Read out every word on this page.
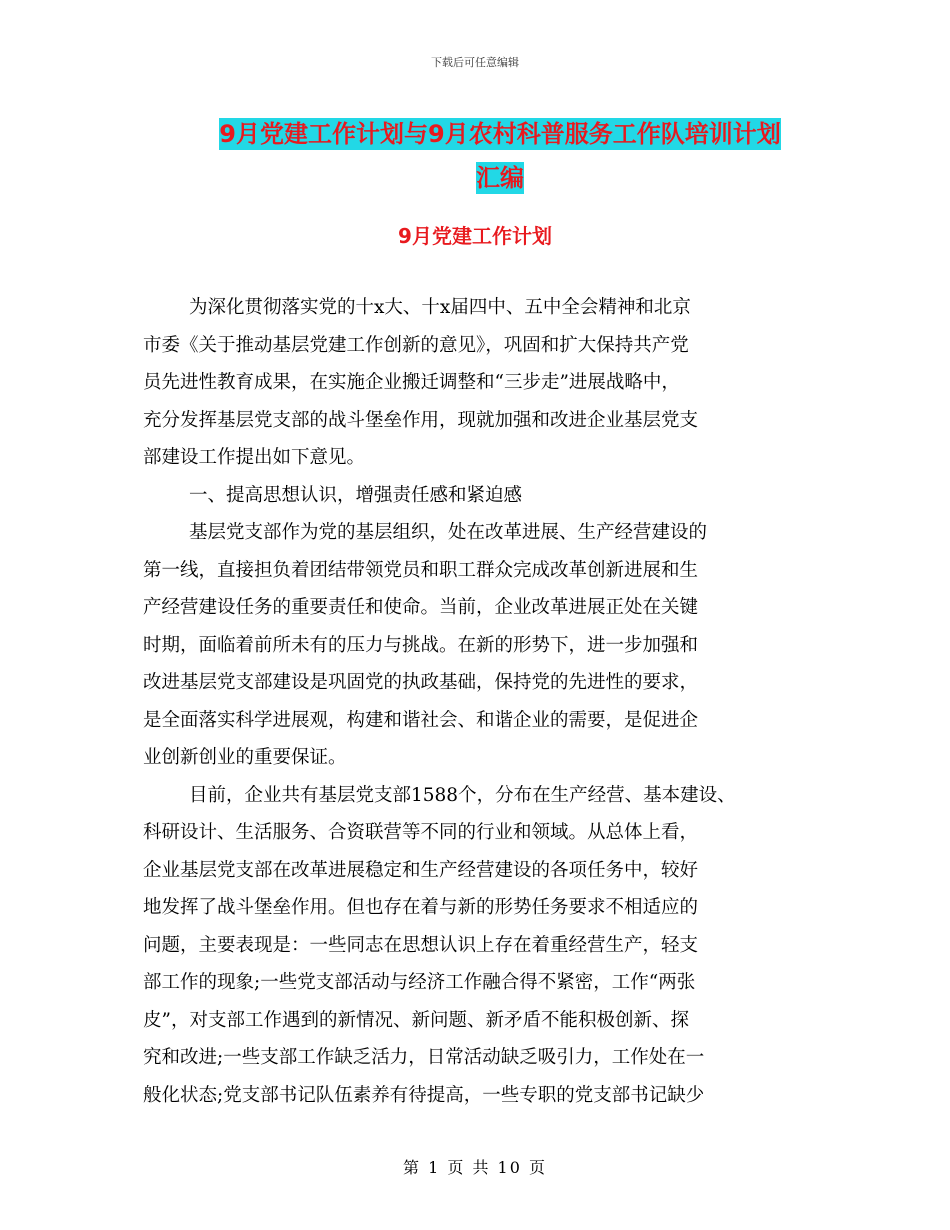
下载后可任意编辑
9月党建工作计划与9月农村科普服务工作队培训计划
汇编
9月党建工作计划
为深化贯彻落实党的十x大、十x届四中、五中全会精神和北京
市委《关于推动基层党建工作创新的意见》，巩固和扩大保持共产党
员先进性教育成果，在实施企业搬迁调整和“三步走”进展战略中，
充分发挥基层党支部的战斗堡垒作用，现就加强和改进企业基层党支
部建设工作提出如下意见。
一、提高思想认识，增强责任感和紧迫感
基层党支部作为党的基层组织，处在改革进展、生产经营建设的
第一线，直接担负着团结带领党员和职工群众完成改革创新进展和生
产经营建设任务的重要责任和使命。当前，企业改革进展正处在关键
时期，面临着前所未有的压力与挑战。在新的形势下，进一步加强和
改进基层党支部建设是巩固党的执政基础，保持党的先进性的要求，
是全面落实科学进展观，构建和谐社会、和谐企业的需要，是促进企
业创新创业的重要保证。
目前，企业共有基层党支部1588个，分布在生产经营、基本建设、
科研设计、生活服务、合资联营等不同的行业和领域。从总体上看，
企业基层党支部在改革进展稳定和生产经营建设的各项任务中，较好
地发挥了战斗堡垒作用。但也存在着与新的形势任务要求不相适应的
问题，主要表现是：一些同志在思想认识上存在着重经营生产，轻支
部工作的现象;一些党支部活动与经济工作融合得不紧密，工作“两张
皮”，对支部工作遇到的新情况、新问题、新矛盾不能积极创新、探
究和改进;一些支部工作缺乏活力，日常活动缺乏吸引力，工作处在一
般化状态;党支部书记队伍素养有待提高，一些专职的党支部书记缺少
第 1 页 共 10 页
